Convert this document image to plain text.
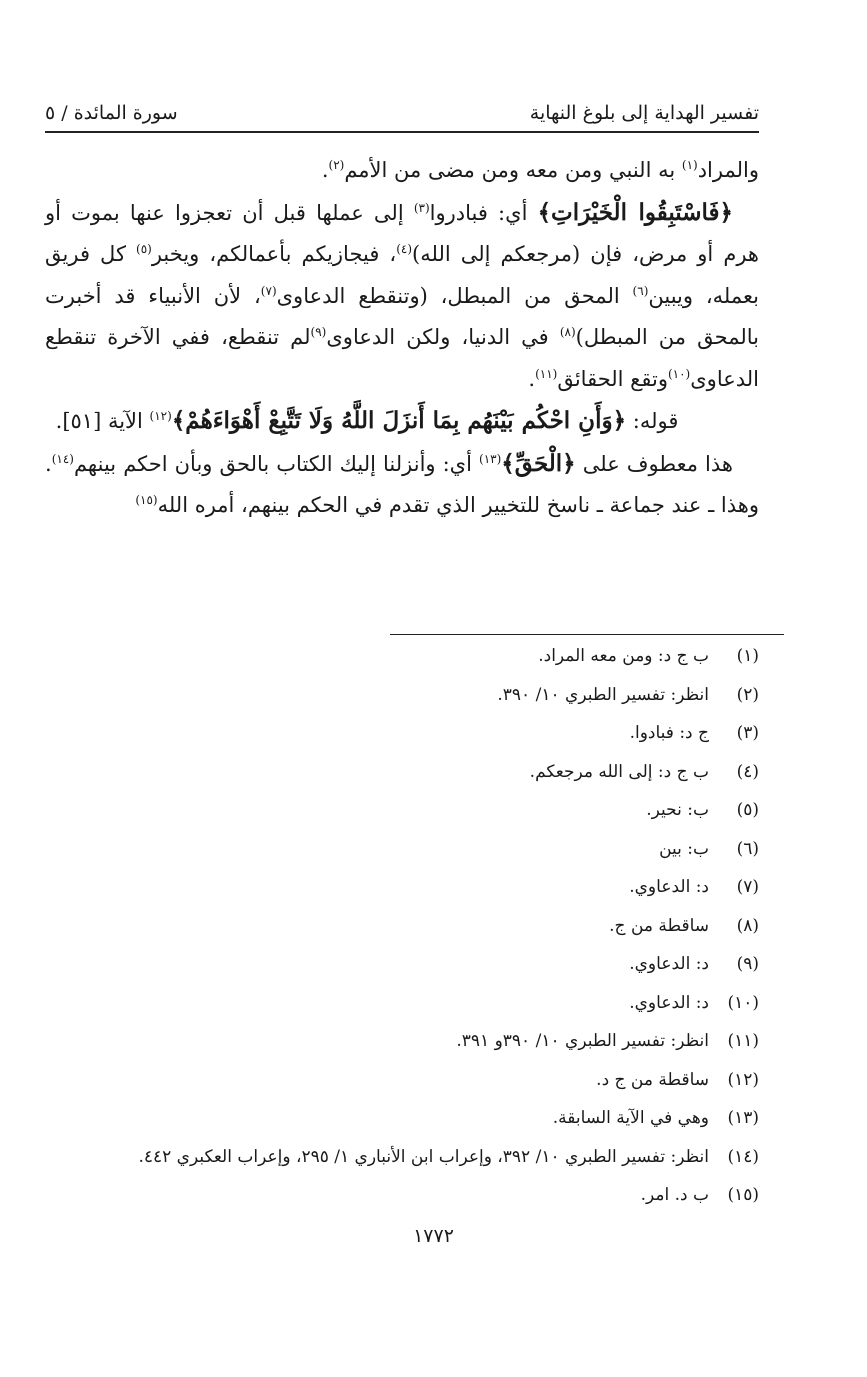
تفسير الهداية إلى بلوغ النهاية
سورة المائدة / ٥

والمراد$^{(١)}$ به النبي ومن معه ومن مضى من الأمم$^{(٢)}$.

﴿فَاسْتَبِقُوا الْخَيْرَاتِ﴾ أي: فبادروا$^{(٣)}$ إلى عملها قبل أن تعجزوا عنها بموت أو هرم أو مرض، فإن (مرجعكم إلى الله)$^{(٤)}$، فيجازيكم بأعمالكم، ويخبر$^{(٥)}$ كل فريق بعمله، ويبين$^{(٦)}$ المحق من المبطل، (وتنقطع الدعاوى$^{(٧)}$، لأن الأنبياء قد أخبرت بالمحق من المبطل)$^{(٨)}$ في الدنيا، ولكن الدعاوى$^{(٩)}$لم تنقطع، ففي الآخرة تنقطع الدعاوى$^{(١٠)}$وتقع الحقائق$^{(١١)}$.

قوله: ﴿وَأَنِ احْكُم بَيْنَهُم بِمَا أَنزَلَ اللَّهُ وَلَا تَتَّبِعْ أَهْوَاءَهُمْ﴾$^{(١٢)}$ الآية [٥١].

هذا معطوف على ﴿الْحَقِّ﴾$^{(١٣)}$ أي: وأنزلنا إليك الكتاب بالحق وبأن احكم بينهم$^{(١٤)}$. وهذا ـ عند جماعة ـ ناسخ للتخيير الذي تقدم في الحكم بينهم، أمره الله$^{(١٥)}$

(١)
ب ج د: ومن معه المراد.
(٢)
انظر: تفسير الطبري ١٠/ ٣٩٠.
(٣)
ج د: فبادوا.
(٤)
ب ج د: إلى الله مرجعكم.
(٥)
ب: نحير.
(٦)
ب: بين
(٧)
د: الدعاوي.
(٨)
ساقطة من ج.
(٩)
د: الدعاوي.
(١٠)
د: الدعاوي.
(١١)
انظر: تفسير الطبري ١٠/ ٣٩٠و ٣٩١.
(١٢)
ساقطة من ج د.
(١٣)
وهي في الآية السابقة.
(١٤)
انظر: تفسير الطبري ١٠/ ٣٩٢، وإعراب ابن الأنباري ١/ ٢٩٥، وإعراب العكبري ٤٤٢.
(١٥)
ب د. امر.
١٧٧٢
